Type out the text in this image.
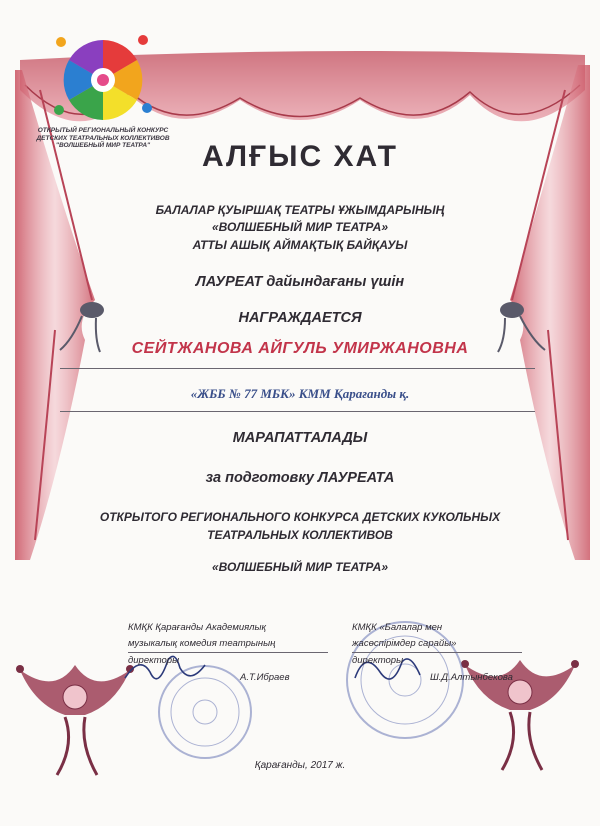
ОТКРЫТЫЙ РЕГИОНАЛЬНЫЙ КОНКУРС
ДЕТСКИХ ТЕАТРАЛЬНЫХ КОЛЛЕКТИВОВ
"ВОЛШЕБНЫЙ МИР ТЕАТРА"	АЛҒЫС ХАТ
БАЛАЛАР ҚУЫРШАҚ ТЕАТРЫ ҰЖЫМДАРЫНЫҢ
«ВОЛШЕБНЫЙ МИР ТЕАТРА»
АТТЫ АШЫҚ АЙМАҚТЫҚ БАЙҚАУЫ
ЛАУРЕАТ дайындағаны үшін
НАГРАЖДАЕТСЯ
СЕЙТЖАНОВА АЙГУЛЬ УМИРЖАНОВНА
«ЖББ № 77 МБК» КММ Қарағанды қ.
МАРАПАТТАЛАДЫ
за подготовку ЛАУРЕАТА
ОТКРЫТОГО РЕГИОНАЛЬНОГО КОНКУРСА ДЕТСКИХ КУКОЛЬНЫХ
ТЕАТРАЛЬНЫХ КОЛЛЕКТИВОВ
«ВОЛШЕБНЫЙ МИР ТЕАТРА»
КМҚК Қарағанды Академиялық
музыкалық комедия театрының
директоры
А.Т.Ибраев
КМҚК «Балалар мен
жасөспірімдер сарайы»
директоры
Ш.Д.Алтынбекова
Қарағанды, 2017 ж.
